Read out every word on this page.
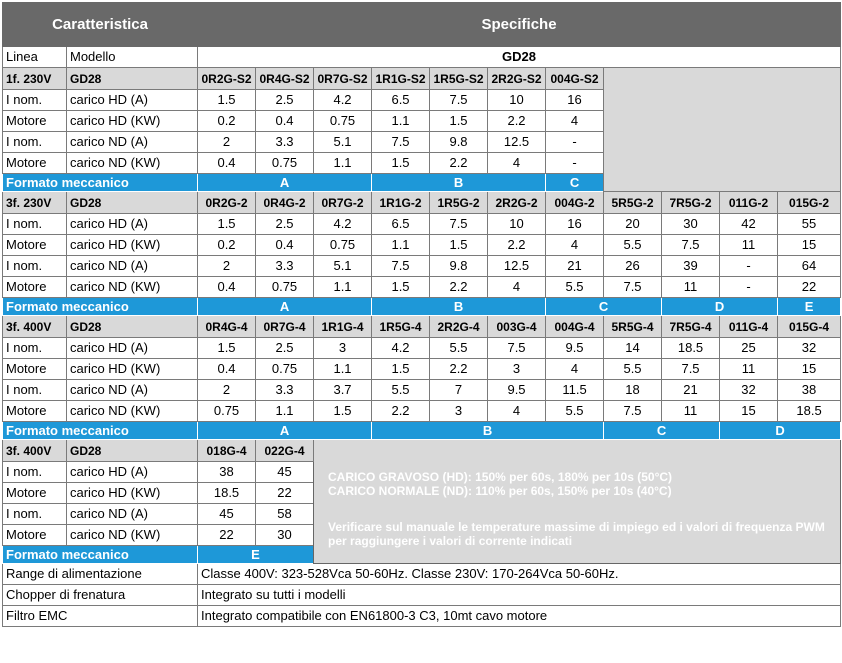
Caratteristica		Specifiche										
Linea	Modello	GD28										
1f. 230V	GD28	0R2G-S2	0R4G-S2	0R7G-S2	1R1G-S2	1R5G-S2	2R2G-S2	004G-S2				
I nom.	carico HD (A)	1.5	2.5	4.2	6.5	7.5	10	16				
Motore	carico HD (KW)	0.2	0.4	0.75	1.1	1.5	2.2	4				
I nom.	carico ND (A)	2	3.3	5.1	7.5	9.8	12.5	-				
Motore	carico ND (KW)	0.4	0.75	1.1	1.5	2.2	4	-				
Formato meccanico		A			B			C				
3f. 230V	GD28	0R2G-2	0R4G-2	0R7G-2	1R1G-2	1R5G-2	2R2G-2	004G-2	5R5G-2	7R5G-2	011G-2	015G-2
I nom.	carico HD (A)	1.5	2.5	4.2	6.5	7.5	10	16	20	30	42	55
Motore	carico HD (KW)	0.2	0.4	0.75	1.1	1.5	2.2	4	5.5	7.5	11	15
I nom.	carico ND (A)	2	3.3	5.1	7.5	9.8	12.5	21	26	39	-	64
Motore	carico ND (KW)	0.4	0.75	1.1	1.5	2.2	4	5.5	7.5	11	-	22
Formato meccanico		A			B			C		D		E
3f. 400V	GD28	0R4G-4	0R7G-4	1R1G-4	1R5G-4	2R2G-4	003G-4	004G-4	5R5G-4	7R5G-4	011G-4	015G-4
I nom.	carico HD (A)	1.5	2.5	3	4.2	5.5	7.5	9.5	14	18.5	25	32
Motore	carico HD (KW)	0.4	0.75	1.1	1.5	2.2	3	4	5.5	7.5	11	15
I nom.	carico ND (A)	2	3.3	3.7	5.5	7	9.5	11.5	18	21	32	38
Motore	carico ND (KW)	0.75	1.1	1.5	2.2	3	4	5.5	7.5	11	15	18.5
Formato meccanico		A			B				C		D	
3f. 400V	GD28	018G-4	022G-4	CARICO GRAVOSO (HD): 150% per 60s, 180% per 10s (50°C)
CARICO NORMALE (ND): 110% per 60s, 150% per 10s (40°C)
Verificare sul manuale le temperature massime di impiego ed i valori di frequenza PWM per raggiungere i valori di corrente indicati								

I nom.	carico HD (A)	38	45									
Motore	carico HD (KW)	18.5	22									
I nom.	carico ND (A)	45	58									
Motore	carico ND (KW)	22	30									
Formato meccanico		E										
Range di alimentazione		Classe 400V: 323-528Vca 50-60Hz. Classe 230V: 170-264Vca 50-60Hz.										
Chopper di frenatura		Integrato su tutti i modelli										
Filtro EMC		Integrato compatibile con EN61800-3 C3, 10mt cavo motore										
